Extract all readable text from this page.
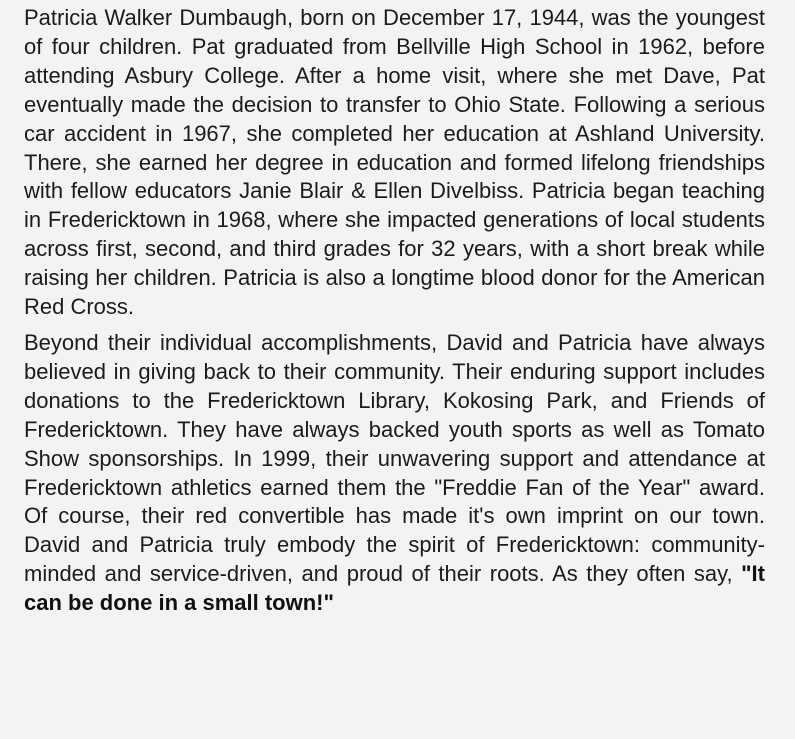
Patricia Walker Dumbaugh, born on December 17, 1944, was the youngest of four children. Pat graduated from Bellville High School in 1962, before attending Asbury College. After a home visit, where she met Dave, Pat eventually made the decision to transfer to Ohio State. Following a serious car accident in 1967, she completed her education at Ashland University. There, she earned her degree in education and formed lifelong friendships with fellow educators Janie Blair & Ellen Divelbiss. Patricia began teaching in Fredericktown in 1968, where she impacted generations of local students across first, second, and third grades for 32 years, with a short break while raising her children. Patricia is also a longtime blood donor for the American Red Cross.

Beyond their individual accomplishments, David and Patricia have always believed in giving back to their community. Their enduring support includes donations to the Fredericktown Library, Kokosing Park, and Friends of Fredericktown. They have always backed youth sports as well as Tomato Show sponsorships. In 1999, their unwavering support and attendance at Fredericktown athletics earned them the "Freddie Fan of the Year" award. Of course, their red convertible has made it's own imprint on our town. David and Patricia truly embody the spirit of Fredericktown: community-minded and service-driven, and proud of their roots. As they often say, "It can be done in a small town!"
